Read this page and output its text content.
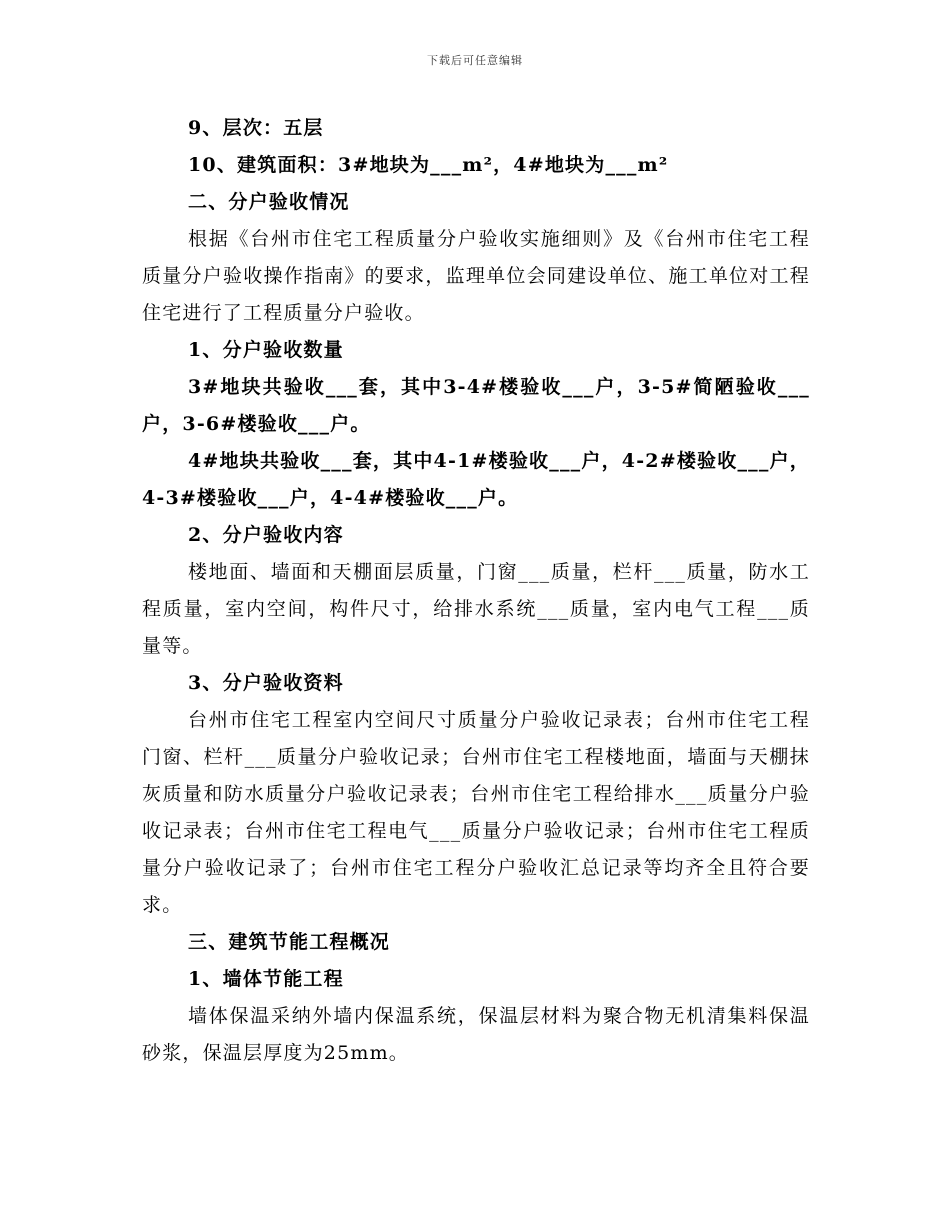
下载后可任意编辑

9、层次：五层

10、建筑面积：3#地块为___m²，4#地块为___m²

二、分户验收情况

根据《台州市住宅工程质量分户验收实施细则》及《台州市住宅工程质量分户验收操作指南》的要求，监理单位会同建设单位、施工单位对工程住宅进行了工程质量分户验收。

1、分户验收数量

3#地块共验收___套，其中3-4#楼验收___户，3-5#简陋验收___户，3-6#楼验收___户。

4#地块共验收___套，其中4-1#楼验收___户，4-2#楼验收___户，4-3#楼验收___户，4-4#楼验收___户。

2、分户验收内容

楼地面、墙面和天棚面层质量，门窗___质量，栏杆___质量，防水工程质量，室内空间，构件尺寸，给排水系统___质量，室内电气工程___质量等。

3、分户验收资料

台州市住宅工程室内空间尺寸质量分户验收记录表；台州市住宅工程门窗、栏杆___质量分户验收记录；台州市住宅工程楼地面，墙面与天棚抹灰质量和防水质量分户验收记录表；台州市住宅工程给排水___质量分户验收记录表；台州市住宅工程电气___质量分户验收记录；台州市住宅工程质量分户验收记录了；台州市住宅工程分户验收汇总记录等均齐全且符合要求。

三、建筑节能工程概况

1、墙体节能工程

墙体保温采纳外墙内保温系统，保温层材料为聚合物无机清集料保温砂浆，保温层厚度为25mm。
